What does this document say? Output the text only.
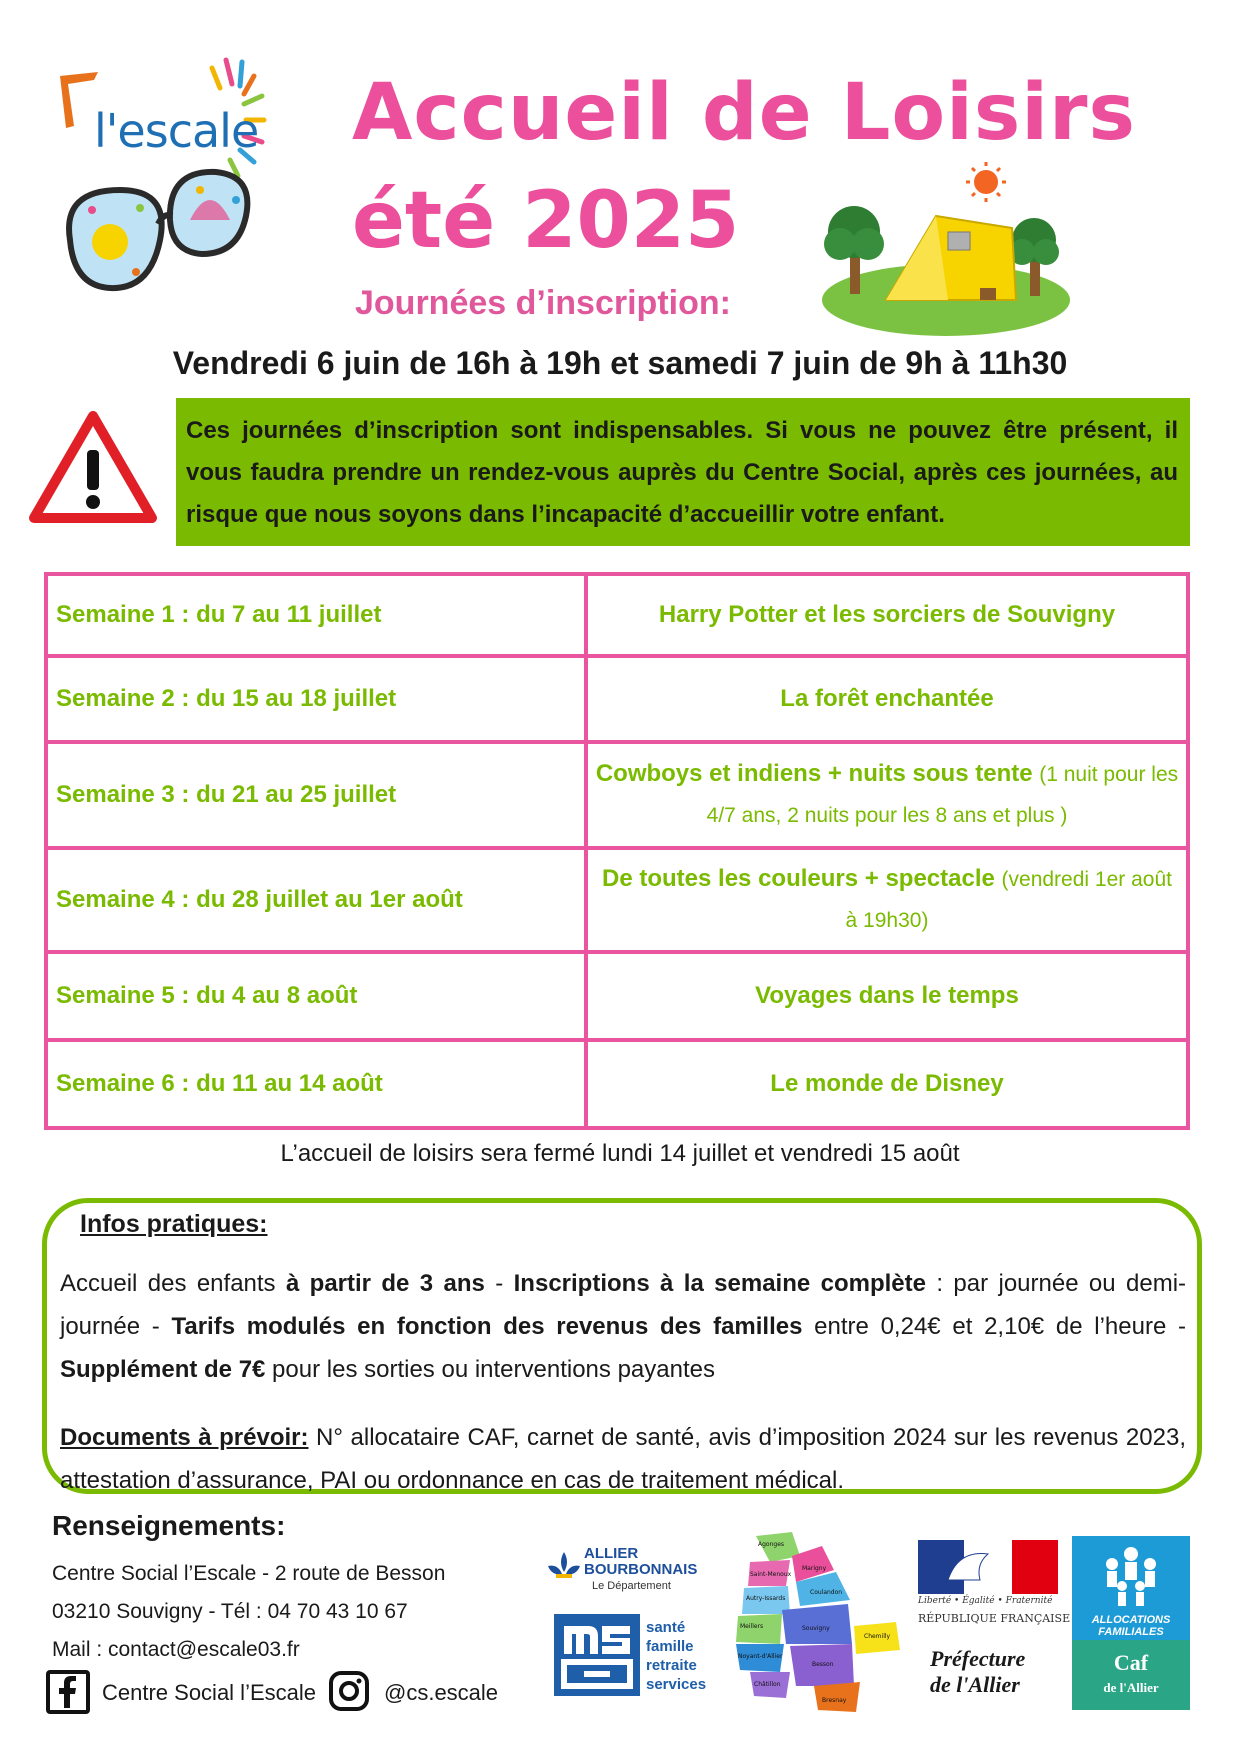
l'escale Accueil de Loisirs
été 2025
Journées d’inscription:
Vendredi 6 juin de 16h à 19h et samedi 7 juin de 9h à 11h30

Ces journées d’inscription sont indispensables. Si vous ne pouvez être présent, il vous faudra prendre un rendez-vous auprès du Centre Social, après ces journées, au risque que nous soyons dans l’incapacité d’accueillir votre enfant.

Semaine 1 : du 7 au 11 juillet	Harry Potter et les sorciers de Souvigny
Semaine 2 : du 15 au 18 juillet	La forêt enchantée
Semaine 3 : du 21 au 25 juillet	Cowboys et indiens + nuits sous tente (1 nuit pour les 4/7 ans, 2 nuits pour les 8 ans et plus )
Semaine 4 : du 28 juillet au 1er août	De toutes les couleurs + spectacle (vendredi 1er août à 19h30)
Semaine 5 : du 4 au 8 août	Voyages dans le temps
Semaine 6 : du 11 au 14 août	Le monde de Disney
L’accueil de loisirs sera fermé lundi 14 juillet et vendredi 15 août
Infos pratiques:

Accueil des enfants à partir de 3 ans - Inscriptions à la semaine complète : par journée ou demi-journée - Tarifs modulés en fonction des revenus des familles entre 0,24€ et 2,10€ de l’heure - Supplément de 7€ pour les sorties ou interventions payantes

Documents à prévoir: N° allocataire CAF, carnet de santé, avis d’imposition 2024 sur les revenus 2023, attestation d’assurance, PAI ou ordonnance en cas de traitement médical.

Renseignements:
Centre Social l’Escale - 2 route de Besson
03210 Souvigny - Tél : 04 70 43 10 67
Mail : contact@escale03.fr
Centre Social l’Escale	@cs.escale
ALLIER
BOURBONNAIS
Le Département
santé
famille
retraite
services
Agonges
Saint-Menoux
Autry-Issards
Meillers
Marigny
Coulandon
Souvigny
Noyant-d'Allier
Châtillon
Besson
Chemilly
Bresnay
Liberté • Égalité • Fraternité
RÉPUBLIQUE FRANÇAISE
Préfecture
de l'Allier
ALLOCATIONS
FAMILIALES
Caf
de l'Allier
